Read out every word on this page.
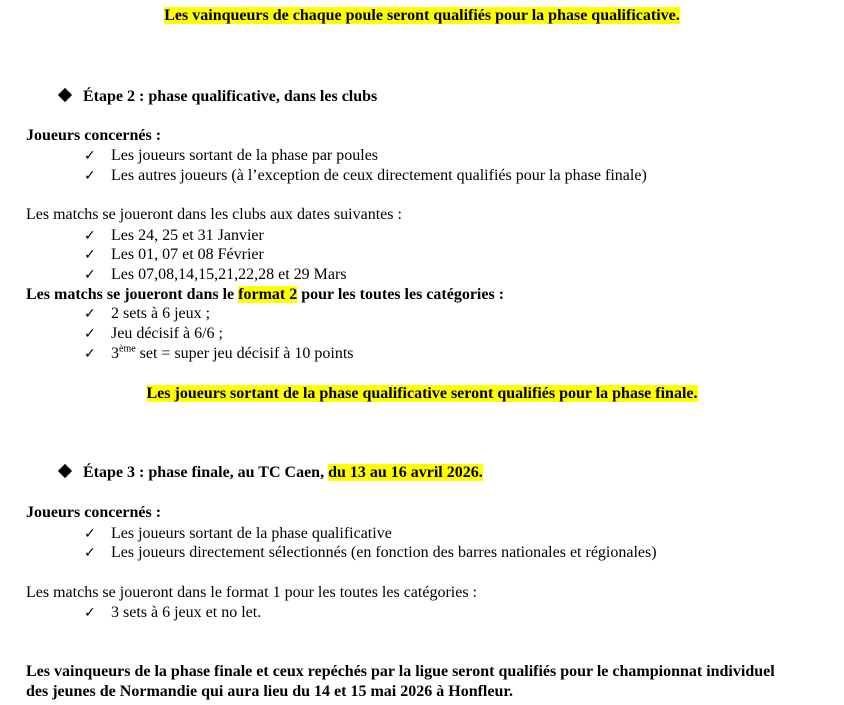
Les vainqueurs de chaque poule seront qualifiés pour la phase qualificative.
Étape 2 : phase qualificative, dans les clubs
Joueurs concernés :
✓ Les joueurs sortant de la phase par poules
✓ Les autres joueurs (à l’exception de ceux directement qualifiés pour la phase finale)
Les matchs se joueront dans les clubs aux dates suivantes :
✓ Les 24, 25 et 31 Janvier
✓ Les 01, 07 et 08 Février
✓ Les 07,08,14,15,21,22,28 et 29 Mars
Les matchs se joueront dans le format 2 pour les toutes les catégories :
✓ 2 sets à 6 jeux ;
✓ Jeu décisif à 6/6 ;
✓ 3ème set = super jeu décisif à 10 points
Les joueurs sortant de la phase qualificative seront qualifiés pour la phase finale.
Étape 3 : phase finale, au TC Caen, du 13 au 16 avril 2026.
Joueurs concernés :
✓ Les joueurs sortant de la phase qualificative
✓ Les joueurs directement sélectionnés (en fonction des barres nationales et régionales)
Les matchs se joueront dans le format 1 pour les toutes les catégories :
✓ 3 sets à 6 jeux et no let.
Les vainqueurs de la phase finale et ceux repéchés par la ligue seront qualifiés pour le championnat individuel
des jeunes de Normandie qui aura lieu du 14 et 15 mai 2026 à Honfleur.
